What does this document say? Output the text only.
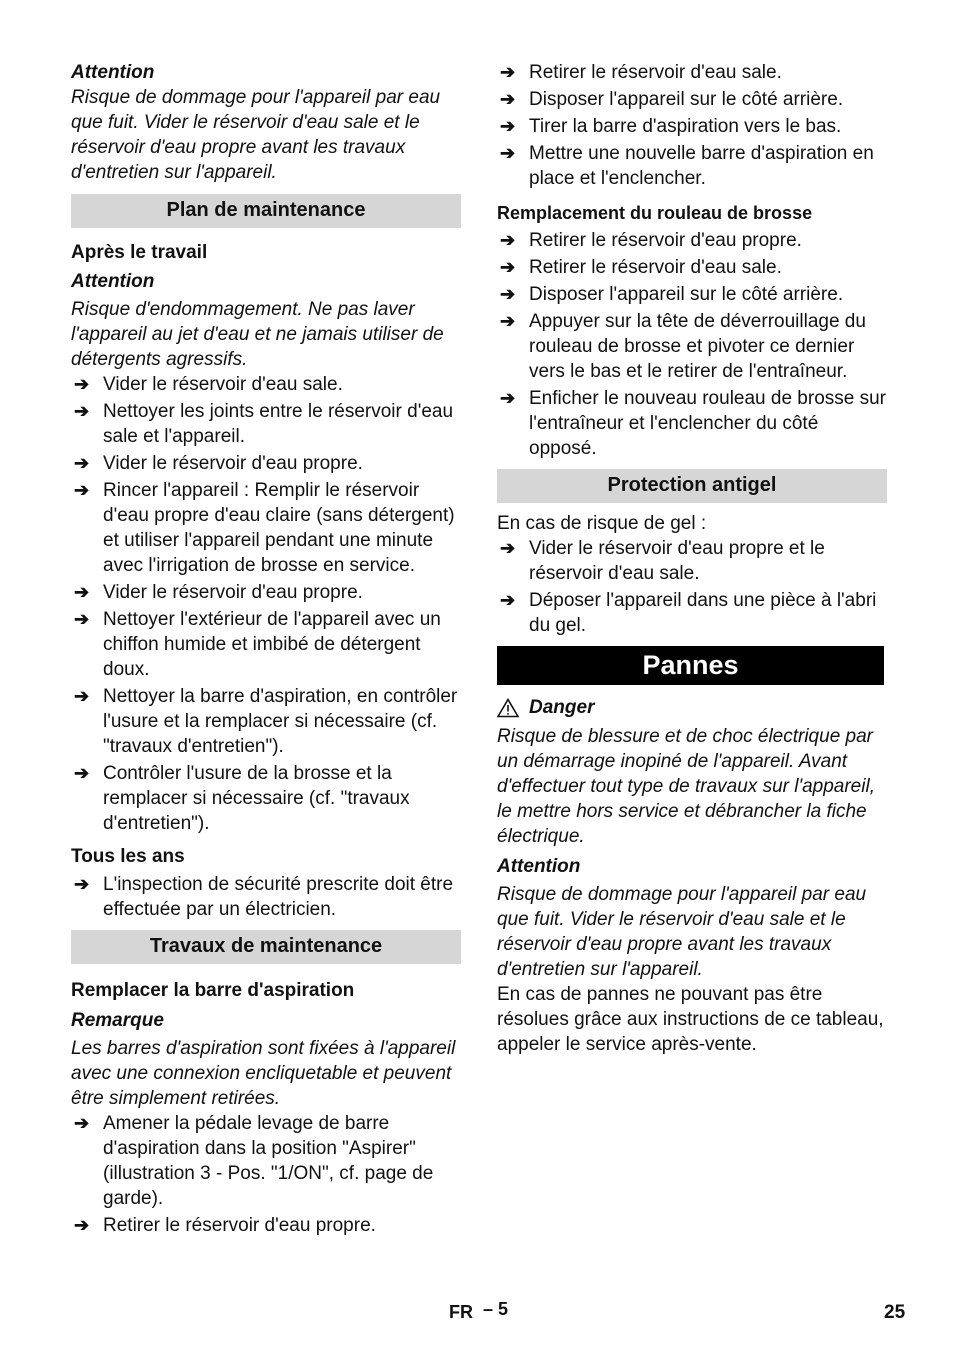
Attention

Risque de dommage pour l'appareil par eau que fuit. Vider le réservoir d'eau sale et le réservoir d'eau propre avant les travaux d'entretien sur l'appareil.

Plan de maintenance

Après le travail

Attention

Risque d'endommagement. Ne pas laver l'appareil au jet d'eau et ne jamais utiliser de détergents agressifs.

➔ Vider le réservoir d'eau sale.
➔ Nettoyer les joints entre le réservoir d'eau sale et l'appareil.
➔ Vider le réservoir d'eau propre.
➔ Rincer l'appareil : Remplir le réservoir d'eau propre d'eau claire (sans détergent) et utiliser l'appareil pendant une minute avec l'irrigation de brosse en service.
➔ Vider le réservoir d'eau propre.
➔ Nettoyer l'extérieur de l'appareil avec un chiffon humide et imbibé de détergent doux.
➔ Nettoyer la barre d'aspiration, en contrôler l'usure et la remplacer si nécessaire (cf. "travaux d'entretien").
➔ Contrôler l'usure de la brosse et la remplacer si nécessaire (cf. "travaux d'entretien").

Tous les ans

➔ L'inspection de sécurité prescrite doit être effectuée par un électricien.
Travaux de maintenance

Remplacer la barre d'aspiration

Remarque

Les barres d'aspiration sont fixées à l'appareil avec une connexion encliquetable et peuvent être simplement retirées.

➔ Amener la pédale levage de barre d'aspiration dans la position "Aspirer" (illustration 3 - Pos. "1/ON", cf. page de garde).
➔ Retirer le réservoir d'eau propre.
➔ Retirer le réservoir d'eau sale.
➔ Disposer l'appareil sur le côté arrière.
➔ Tirer la barre d'aspiration vers le bas.
➔ Mettre une nouvelle barre d'aspiration en place et l'enclencher.

Remplacement du rouleau de brosse

➔ Retirer le réservoir d'eau propre.
➔ Retirer le réservoir d'eau sale.
➔ Disposer l'appareil sur le côté arrière.
➔ Appuyer sur la tête de déverrouillage du rouleau de brosse et pivoter ce dernier vers le bas et le retirer de l'entraîneur.
➔ Enficher le nouveau rouleau de brosse sur l'entraîneur et l'enclencher du côté opposé.
Protection antigel

En cas de risque de gel :

➔ Vider le réservoir d'eau propre et le réservoir d'eau sale.
➔ Déposer l'appareil dans une pièce à l'abri du gel.
Pannes
Danger

Risque de blessure et de choc électrique par un démarrage inopiné de l'appareil. Avant d'effectuer tout type de travaux sur l'appareil, le mettre hors service et débrancher la fiche électrique.

Attention

Risque de dommage pour l'appareil par eau que fuit. Vider le réservoir d'eau sale et le réservoir d'eau propre avant les travaux d'entretien sur l'appareil.

En cas de pannes ne pouvant pas être résolues grâce aux instructions de ce tableau, appeler le service après-vente.

FR – 5	25
